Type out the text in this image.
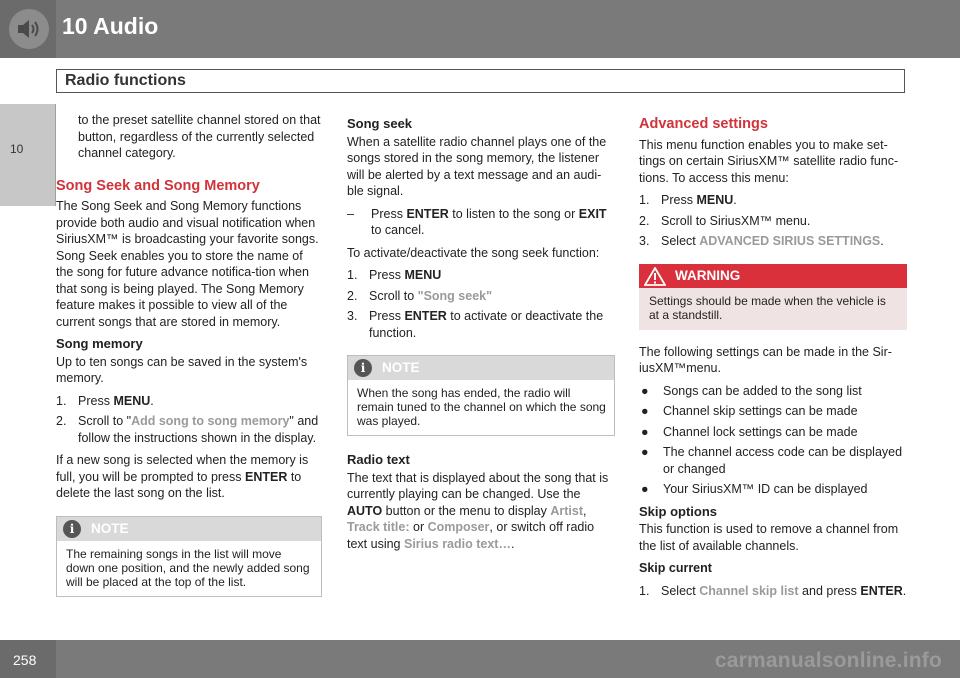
10 Audio
Radio functions
10

to the preset satellite channel stored on that button, regardless of the currently selected channel category.

Song Seek and Song Memory

The Song Seek and Song Memory functions provide both audio and visual notification when SiriusXM™ is broadcasting your favorite songs. Song Seek enables you to store the name of the song for future advance notifica-tion when that song is being played. The Song Memory feature makes it possible to view all of the current songs that are stored in memory.

Song memory

Up to ten songs can be saved in the system's memory.

1. Press MENU.
2. Scroll to "Add song to song memory" and follow the instructions shown in the display.

If a new song is selected when the memory is full, you will be prompted to press ENTER to delete the last song on the list.

i	NOTE
The remaining songs in the list will move down one position, and the newly added song will be placed at the top of the list.
Song seek

When a satellite radio channel plays one of the songs stored in the song memory, the listener will be alerted by a text message and an audi-ble signal.

–	Press ENTER to listen to the song or EXIT to cancel.

To activate/deactivate the song seek function:

1. Press MENU
2. Scroll to "Song seek"
3. Press ENTER to activate or deactivate the function.
i	NOTE
When the song has ended, the radio will remain tuned to the channel on which the song was played.
Radio text

The text that is displayed about the song that is currently playing can be changed. Use the AUTO button or the menu to display Artist, Track title: or Composer, or switch off radio text using Sirius radio text….

Advanced settings

This menu function enables you to make set-tings on certain SiriusXM™ satellite radio func-tions. To access this menu:

1. Press MENU.
2. Scroll to SiriusXM™ menu.
3. Select ADVANCED SIRIUS SETTINGS.
WARNING
Settings should be made when the vehicle is at a standstill.

The following settings can be made in the Sir-iusXM™menu.

●	Songs can be added to the song list
●	Channel skip settings can be made
●	Channel lock settings can be made
●	The channel access code can be displayed or changed
●	Your SiriusXM™ ID can be displayed
Skip options

This function is used to remove a channel from the list of available channels.

Skip current
1. Select Channel skip list and press ENTER.
258	carmanualsonline.info
